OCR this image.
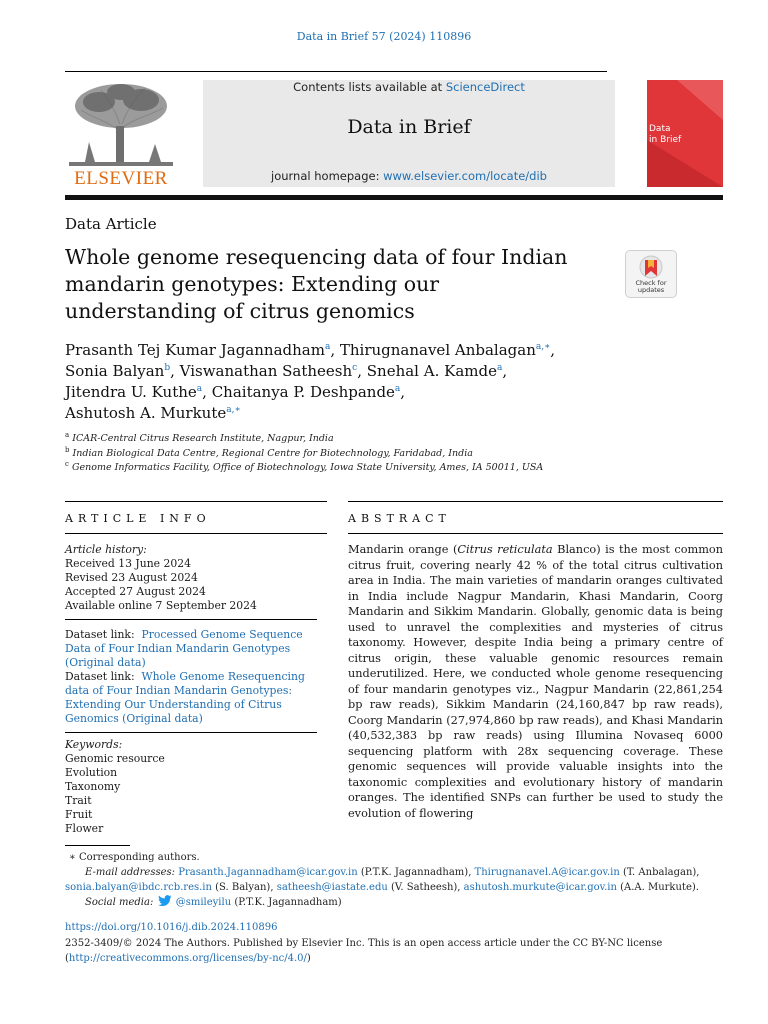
Data in Brief 57 (2024) 110896
ELSEVIER
Contents lists available at ScienceDirect
Data in Brief
journal homepage: www.elsevier.com/locate/dib
Data
in Brief
Data Article
Whole genome resequencing data of four Indian mandarin genotypes: Extending our understanding of citrus genomics
Check for updates
Prasanth Tej Kumar Jagannadham$^a$, Thirugnanavel Anbalagan$^{a,∗}$,
Sonia Balyan$^b$, Viswanathan Satheesh$^c$, Snehal A. Kamde$^a$,
Jitendra U. Kuthe$^a$, Chaitanya P. Deshpande$^a$,
Ashutosh A. Murkute$^{a,∗}$
$^a$ ICAR-Central Citrus Research Institute, Nagpur, India
$^b$ Indian Biological Data Centre, Regional Centre for Biotechnology, Faridabad, India
$^c$ Genome Informatics Facility, Office of Biotechnology, Iowa State University, Ames, IA 50011, USA
ARTICLE INFO	ABSTRACT
Article history:
Received 13 June 2024
Revised 23 August 2024
Accepted 27 August 2024
Available online 7 September 2024
Dataset link: Processed Genome Sequence Data of Four Indian Mandarin Genotypes (Original data)
Dataset link: Whole Genome Resequencing data of Four Indian Mandarin Genotypes: Extending Our Understanding of Citrus Genomics (Original data)
Keywords:
Genomic resource
Evolution
Taxonomy
Trait
Fruit
Flower
Mandarin orange (Citrus reticulata Blanco) is the most common citrus fruit, covering nearly 42 % of the total citrus cultivation area in India. The main varieties of mandarin oranges cultivated in India include Nagpur Mandarin, Khasi Mandarin, Coorg Mandarin and Sikkim Mandarin. Globally, genomic data is being used to unravel the complexities and mysteries of citrus taxonomy. However, despite India being a primary centre of citrus origin, these valuable genomic resources remain underutilized. Here, we conducted whole genome resequencing of four mandarin genotypes viz., Nagpur Mandarin (22,861,254 bp raw reads), Sikkim Mandarin (24,160,847 bp raw reads), Coorg Mandarin (27,974,860 bp raw reads), and Khasi Mandarin (40,532,383 bp raw reads) using Illumina Novaseq 6000 sequencing platform with 28x sequencing coverage. These genomic sequences will provide valuable insights into the taxonomic complexities and evolutionary history of mandarin oranges. The identified SNPs can further be used to study the evolution of flowering
∗ Corresponding authors.
E-mail addresses: Prasanth.Jagannadham@icar.gov.in (P.T.K. Jagannadham), Thirugnanavel.A@icar.gov.in (T. Anbalagan),
sonia.balyan@ibdc.rcb.res.in (S. Balyan), satheesh@iastate.edu (V. Satheesh), ashutosh.murkute@icar.gov.in (A.A. Murkute).
Social media: @smileyilu (P.T.K. Jagannadham)
https://doi.org/10.1016/j.dib.2024.110896
2352-3409/© 2024 The Authors. Published by Elsevier Inc. This is an open access article under the CC BY-NC license
(http://creativecommons.org/licenses/by-nc/4.0/)
